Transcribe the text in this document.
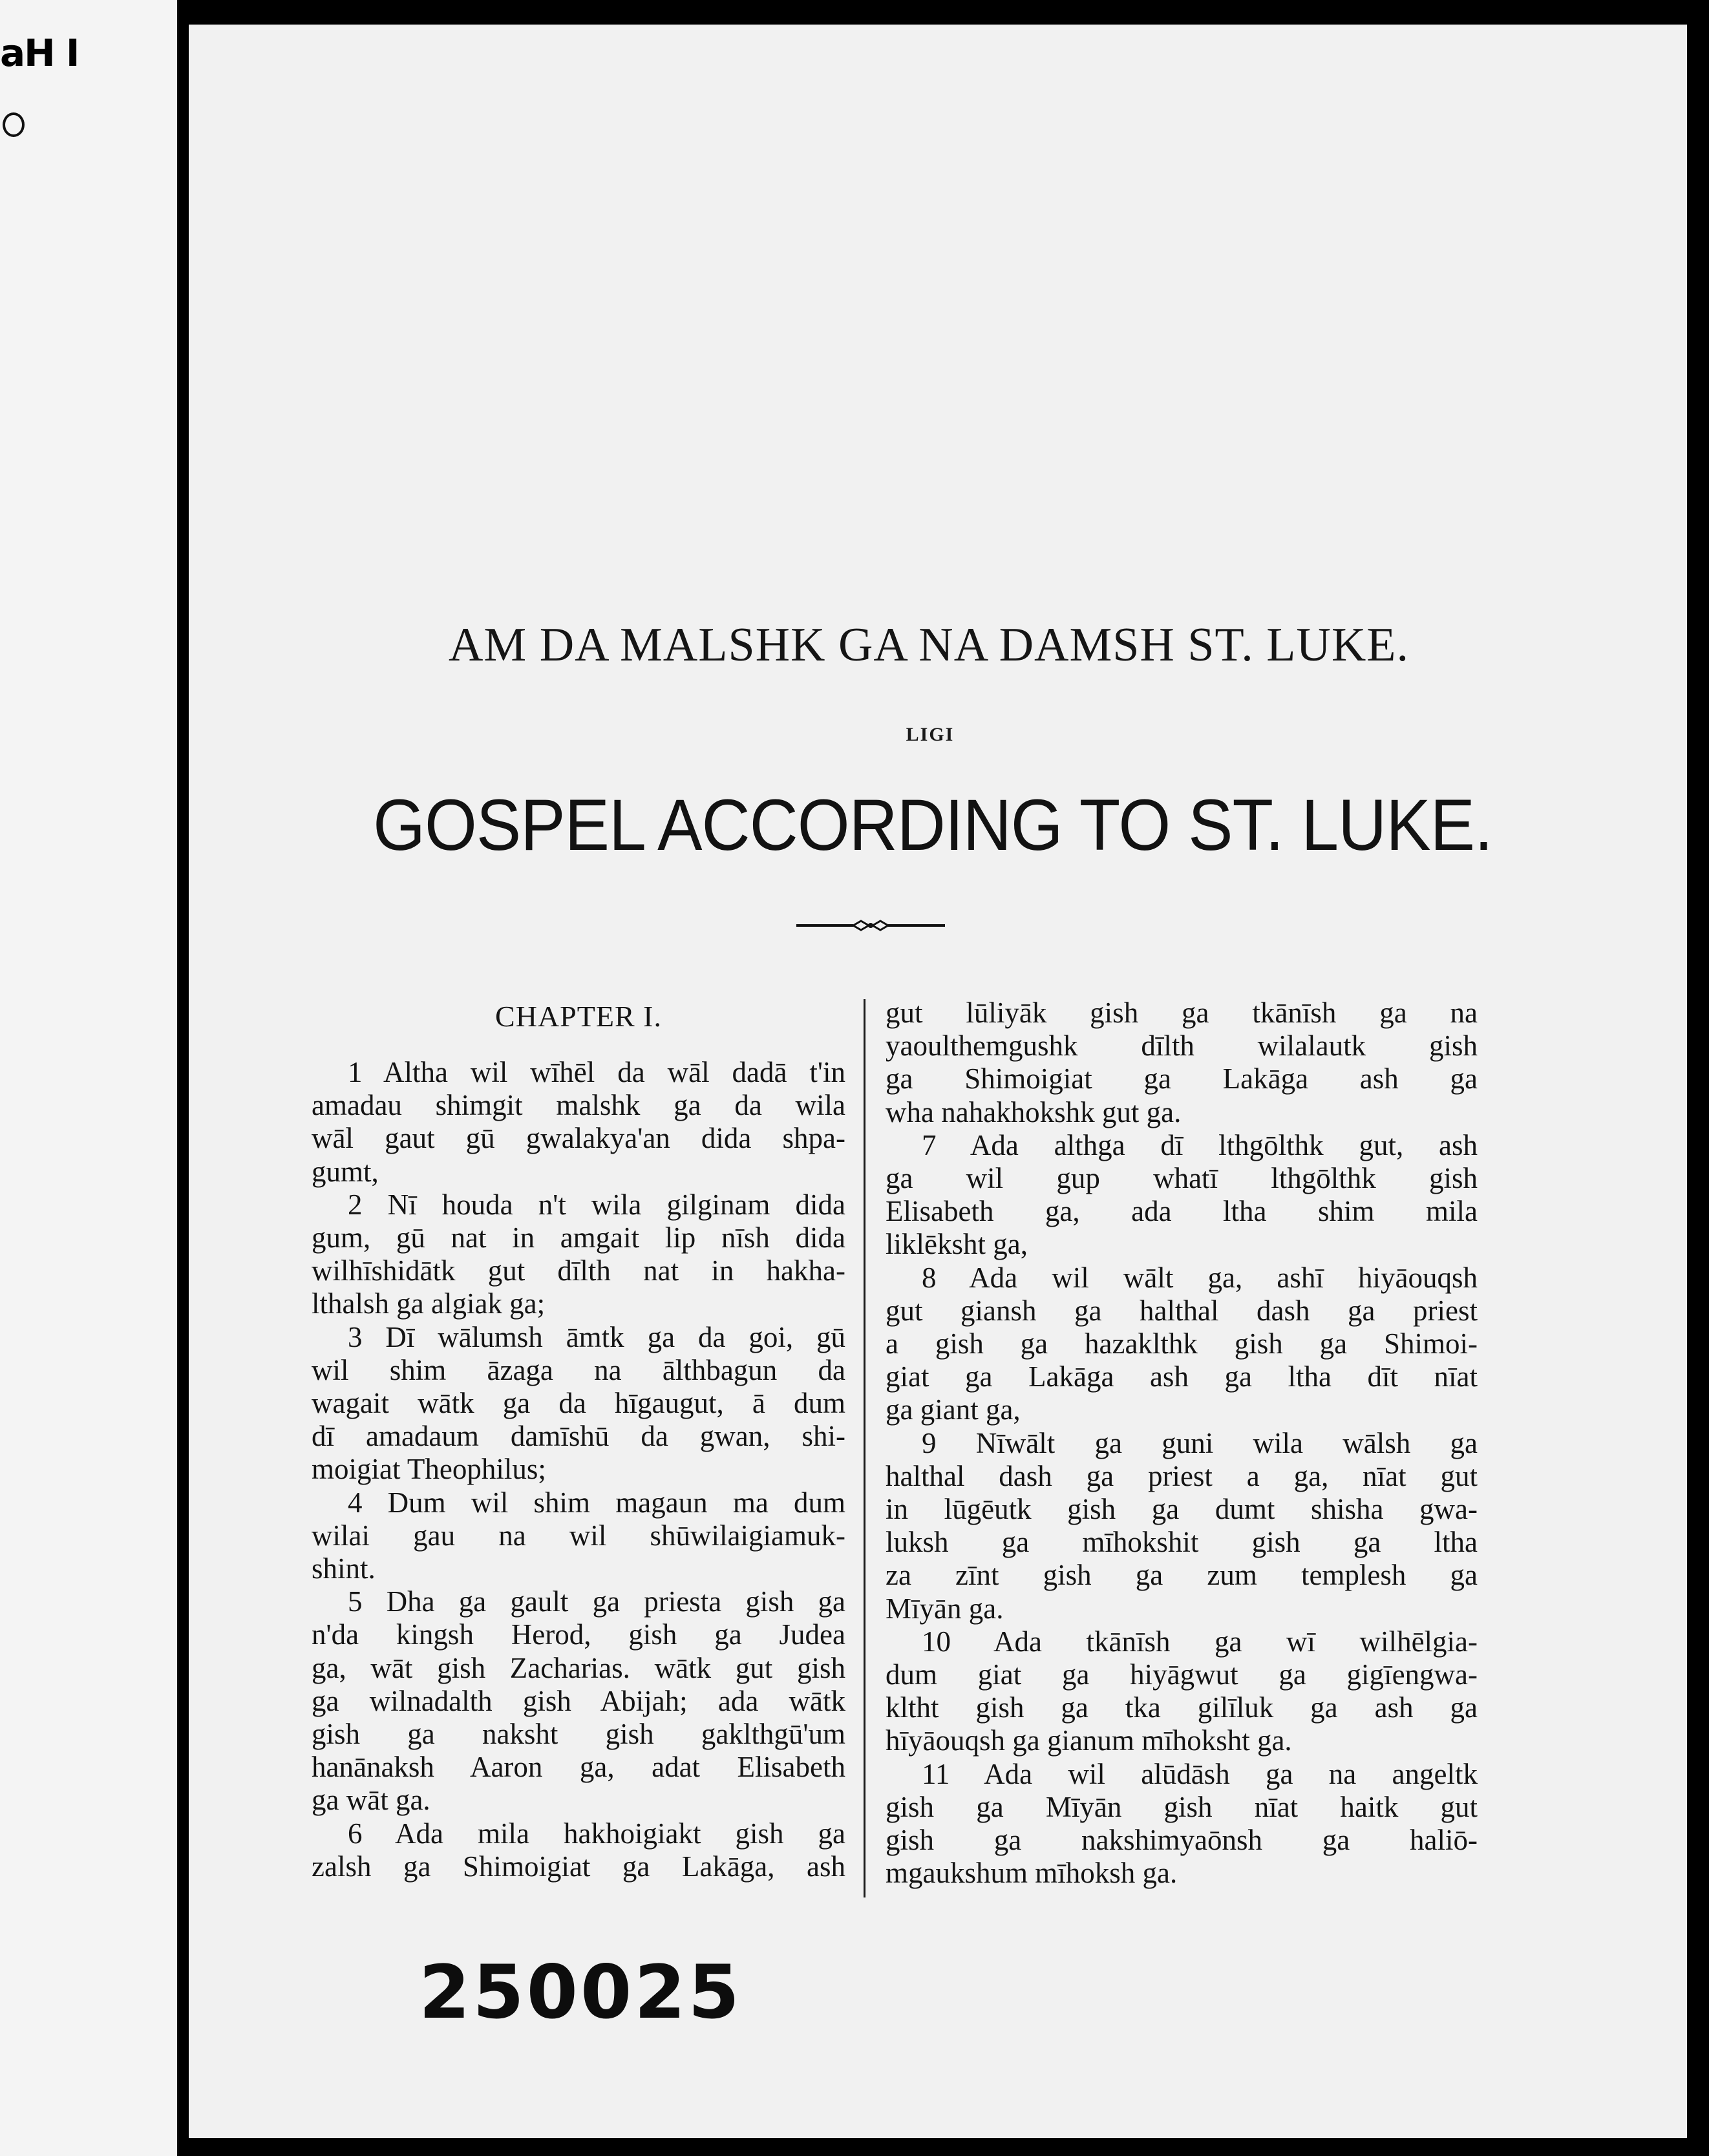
aH I
AM DA MALSHK GA NA DAMSH ST. LUKE.
LIGI
GOSPEL ACCORDING TO ST. LUKE.
CHAPTER I.
1 Altha wil wīhēl da wāl dadā t'in
amadau shimgit malshk ga da wila
wāl gaut gū gwalakya'an dida shpa-
gumt,
2 Nī houda n't wila gilginam dida
gum, gū nat in amgait lip nīsh dida
wilhīshidātk gut dīlth nat in hakha-
lthalsh ga algiak ga;
3 Dī wālumsh āmtk ga da goi, gū
wil shim āzaga na ālthbagun da
wagait wātk ga da hīgaugut, ā dum
dī amadaum damīshū da gwan, shi-
moigiat Theophilus;
4 Dum wil shim magaun ma dum
wilai gau na wil shūwilaigiamuk-
shint.
5 Dha ga gault ga priesta gish ga
n'da kingsh Herod, gish ga Judea
ga, wāt gish Zacharias. wātk gut gish
ga wilnadalth gish Abijah; ada wātk
gish ga naksht gish gaklthgū'um
hanānaksh Aaron ga, adat Elisabeth
ga wāt ga.
6 Ada mila hakhoigiakt gish ga
zalsh ga Shimoigiat ga Lakāga, ash
gut lūliyāk gish ga tkānīsh ga na
yaoulthemgushk dīlth wilalautk gish
ga Shimoigiat ga Lakāga ash ga
wha nahakhokshk gut ga.
7 Ada althga dī lthgōlthk gut, ash
ga wil gup whatī lthgōlthk gish
Elisabeth ga, ada ltha shim mila
liklēksht ga,
8 Ada wil wālt ga, ashī hiyāouqsh
gut giansh ga halthal dash ga priest
a gish ga hazaklthk gish ga Shimoi-
giat ga Lakāga ash ga ltha dīt nīat
ga giant ga,
9 Nīwālt ga guni wila wālsh ga
halthal dash ga priest a ga, nīat gut
in lūgēutk gish ga dumt shisha gwa-
luksh ga mīhokshit gish ga ltha
za zīnt gish ga zum templesh ga
Mīyān ga.
10 Ada tkānīsh ga wī wilhēlgia-
dum giat ga hiyāgwut ga gigīengwa-
kltht gish ga tka gilīluk ga ash ga
hīyāouqsh ga gianum mīhoksht ga.
11 Ada wil alūdāsh ga na angeltk
gish ga Mīyān gish nīat haitk gut
gish ga nakshimyaōnsh ga haliō-
mgaukshum mīhoksh ga.
250025
